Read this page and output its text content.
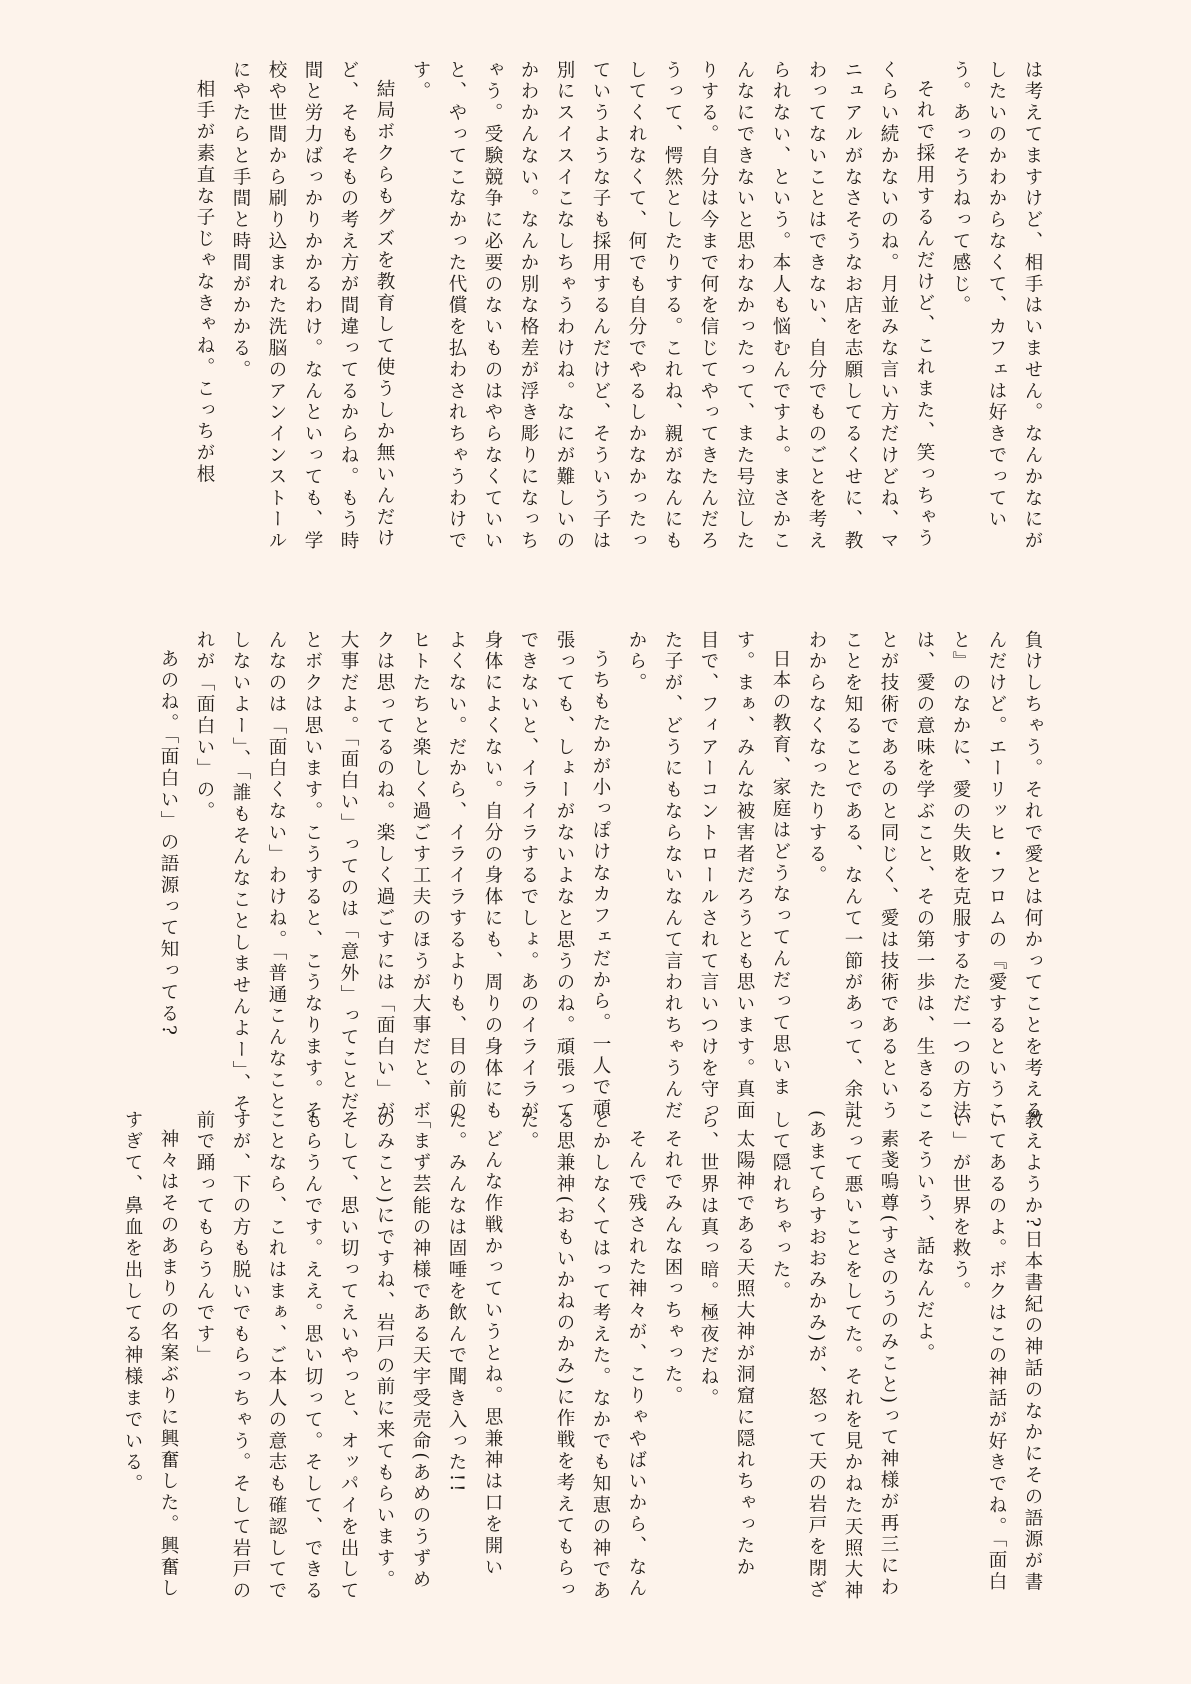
は考えてますけど、相手はいません。なんかなにがしたいのかわからなくて、カフェは好きでっていう。あっそうねって感じ。

それで採用するんだけど、これまた、笑っちゃうくらい続かないのね。月並みな言い方だけどね、マニュアルがなさそうなお店を志願してるくせに、教わってないことはできない、自分でものごとを考えられない、という。本人も悩むんですよ。まさかこんなにできないと思わなかったって、また号泣したりする。自分は今まで何を信じてやってきたんだろうって、愕然としたりする。これね、親がなんにもしてくれなくて、何でも自分でやるしかなかったっていうような子も採用するんだけど、そういう子は別にスイスイこなしちゃうわけね。なにが難しいのかわかんない。なんか別な格差が浮き彫りになっちゃう。受験競争に必要のないものはやらなくていいと、やってこなかった代償を払わされちゃうわけです。

結局ボクらもグズを教育して使うしか無いんだけど、そもそもの考え方が間違ってるからね。もう時間と労力ばっかりかかるわけ。なんといっても、学校や世間から刷り込まれた洗脳のアンインストールにやたらと手間と時間がかかる。

相手が素直な子じゃなきゃね。こっちが根

負けしちゃう。それで愛とは何かってことを考えるんだけど。エーリッヒ・フロムの『愛するということ』のなかに、愛の失敗を克服するただ一つの方法は、愛の意味を学ぶこと、その第一歩は、生きることが技術であるのと同じく、愛は技術であるということを知ることである、なんて一節があって、余計わからなくなったりする。

日本の教育、家庭はどうなってんだって思います。まぁ、みんな被害者だろうとも思います。真面目で、フィアーコントロールされて言いつけを守った子が、どうにもならないなんて言われちゃうんだから。

うちもたかが小っぽけなカフェだから。一人で頑張っても、しょーがないよなと思うのね。頑張ってできないと、イライラするでしょ。あのイライラが身体によくない。自分の身体にも、周りの身体にもよくない。だから、イライラするよりも、目の前のヒトたちと楽しく過ごす工夫のほうが大事だと、ボクは思ってるのね。楽しく過ごすには「面白い」が大事だよ。「面白い」ってのは「意外」ってことだとボクは思います。こうすると、こうなります。そんなのは「面白くない」わけね。「普通こんなことしないよー」、「誰もそんなことしませんよー」、それが「面白い」の。

あのね。「面白い」の語源って知ってる?

教えようか?日本書紀の神話のなかにその語源が書いてあるのよ。ボクはこの神話が好きでね。「面白い」が世界を救う。

そういう、話なんだよ。

素戔嗚尊(すさのうのみこと)って神様が再三にわたって悪いことをしてた。それを見かねた天照大神(あまてらすおおみかみ)が、怒って天の岩戸を閉ざして隠れちゃった。

太陽神である天照大神が洞窟に隠れちゃったから、世界は真っ暗。極夜だね。

それでみんな困っちゃった。

そんで残された神々が、こりゃやばいから、なんとかしなくてはって考えた。なかでも知恵の神である思兼神(おもいかねのかみ)に作戦を考えてもらった。

どんな作戦かっていうとね。思兼神は口を開いた。みんなは固唾を飲んで聞き入った!!

「まず芸能の神様である天宇受売命(あめのうずめのみこと)にですね、岩戸の前に来てもらいます。そして、思い切ってえいやっと、オッパイを出してもらうんです。ええ。思い切って。そして、できることなら、これはまぁ、ご本人の意志も確認してですが、下の方も脱いでもらっちゃう。そして岩戸の前で踊ってもらうんです」

神々はそのあまりの名案ぶりに興奮した。興奮しすぎて、鼻血を出してる神様までいる。
